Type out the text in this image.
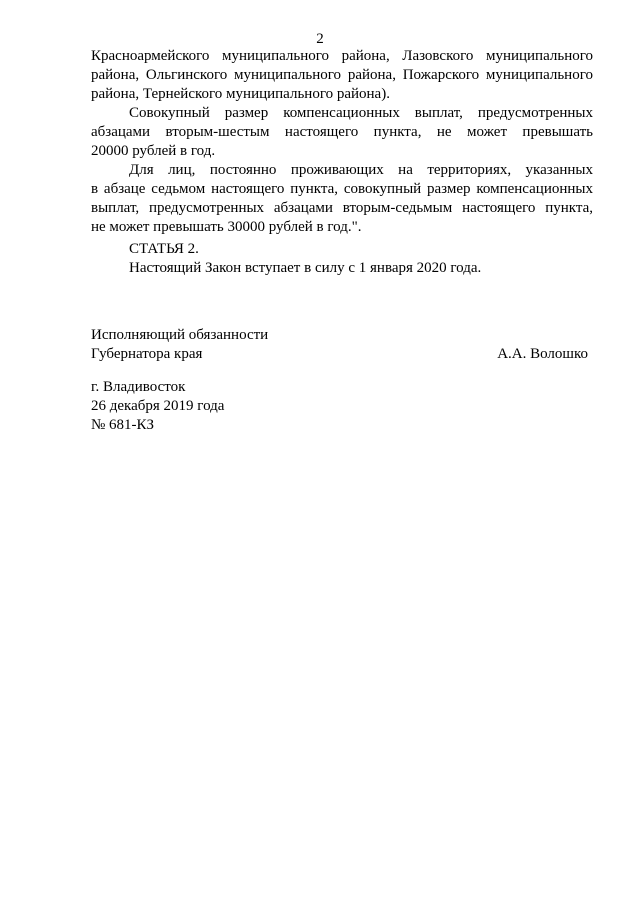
2

Красноармейского муниципального района, Лазовского муниципального
района, Ольгинского муниципального района, Пожарского муниципального
района, Тернейского муниципального района).

Совокупный размер компенсационных выплат, предусмотренных
абзацами вторым-шестым настоящего пункта, не может превышать
20000 рублей в год.

Для лиц, постоянно проживающих на территориях, указанных
в абзаце седьмом настоящего пункта, совокупный размер компенсационных
выплат, предусмотренных абзацами вторым-седьмым настоящего пункта,
не может превышать 30000 рублей в год.".

СТАТЬЯ 2.
Настоящий Закон вступает в силу с 1 января 2020 года.
Исполняющий обязанности
Губернатора края	А.А. Волошко
г. Владивосток
26 декабря 2019 года
№ 681-КЗ
